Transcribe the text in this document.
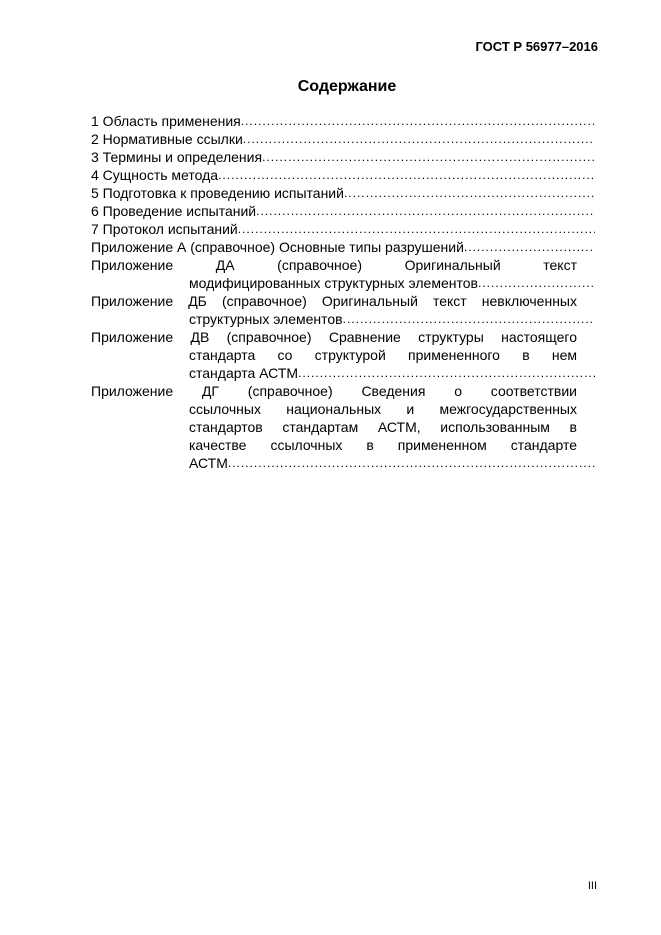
ГОСТ Р 56977–2016
Содержание
1 Область применения
.....
2 Нормативные ссылки
.....
3 Термины и определения
.....
4 Сущность метода
.....
5 Подготовка к проведению испытаний
.....
6 Проведение испытаний
.....
7 Протокол испытаний
.....
Приложение А (справочное) Основные типы разрушений
.....
Приложение ДА (справочное) Оригинальный текст
модифицированных структурных элементов
.....
Приложение ДБ (справочное) Оригинальный текст невключенных
структурных элементов
.....
Приложение ДВ (справочное) Сравнение структуры настоящего
стандарта со структурой примененного в нем
стандарта АСТМ
.....
Приложение ДГ (справочное) Сведения о соответствии
ссылочных национальных и межгосударственных
стандартов стандартам АСТМ, использованным в
качестве ссылочных в примененном стандарте
АСТМ
.....
III
